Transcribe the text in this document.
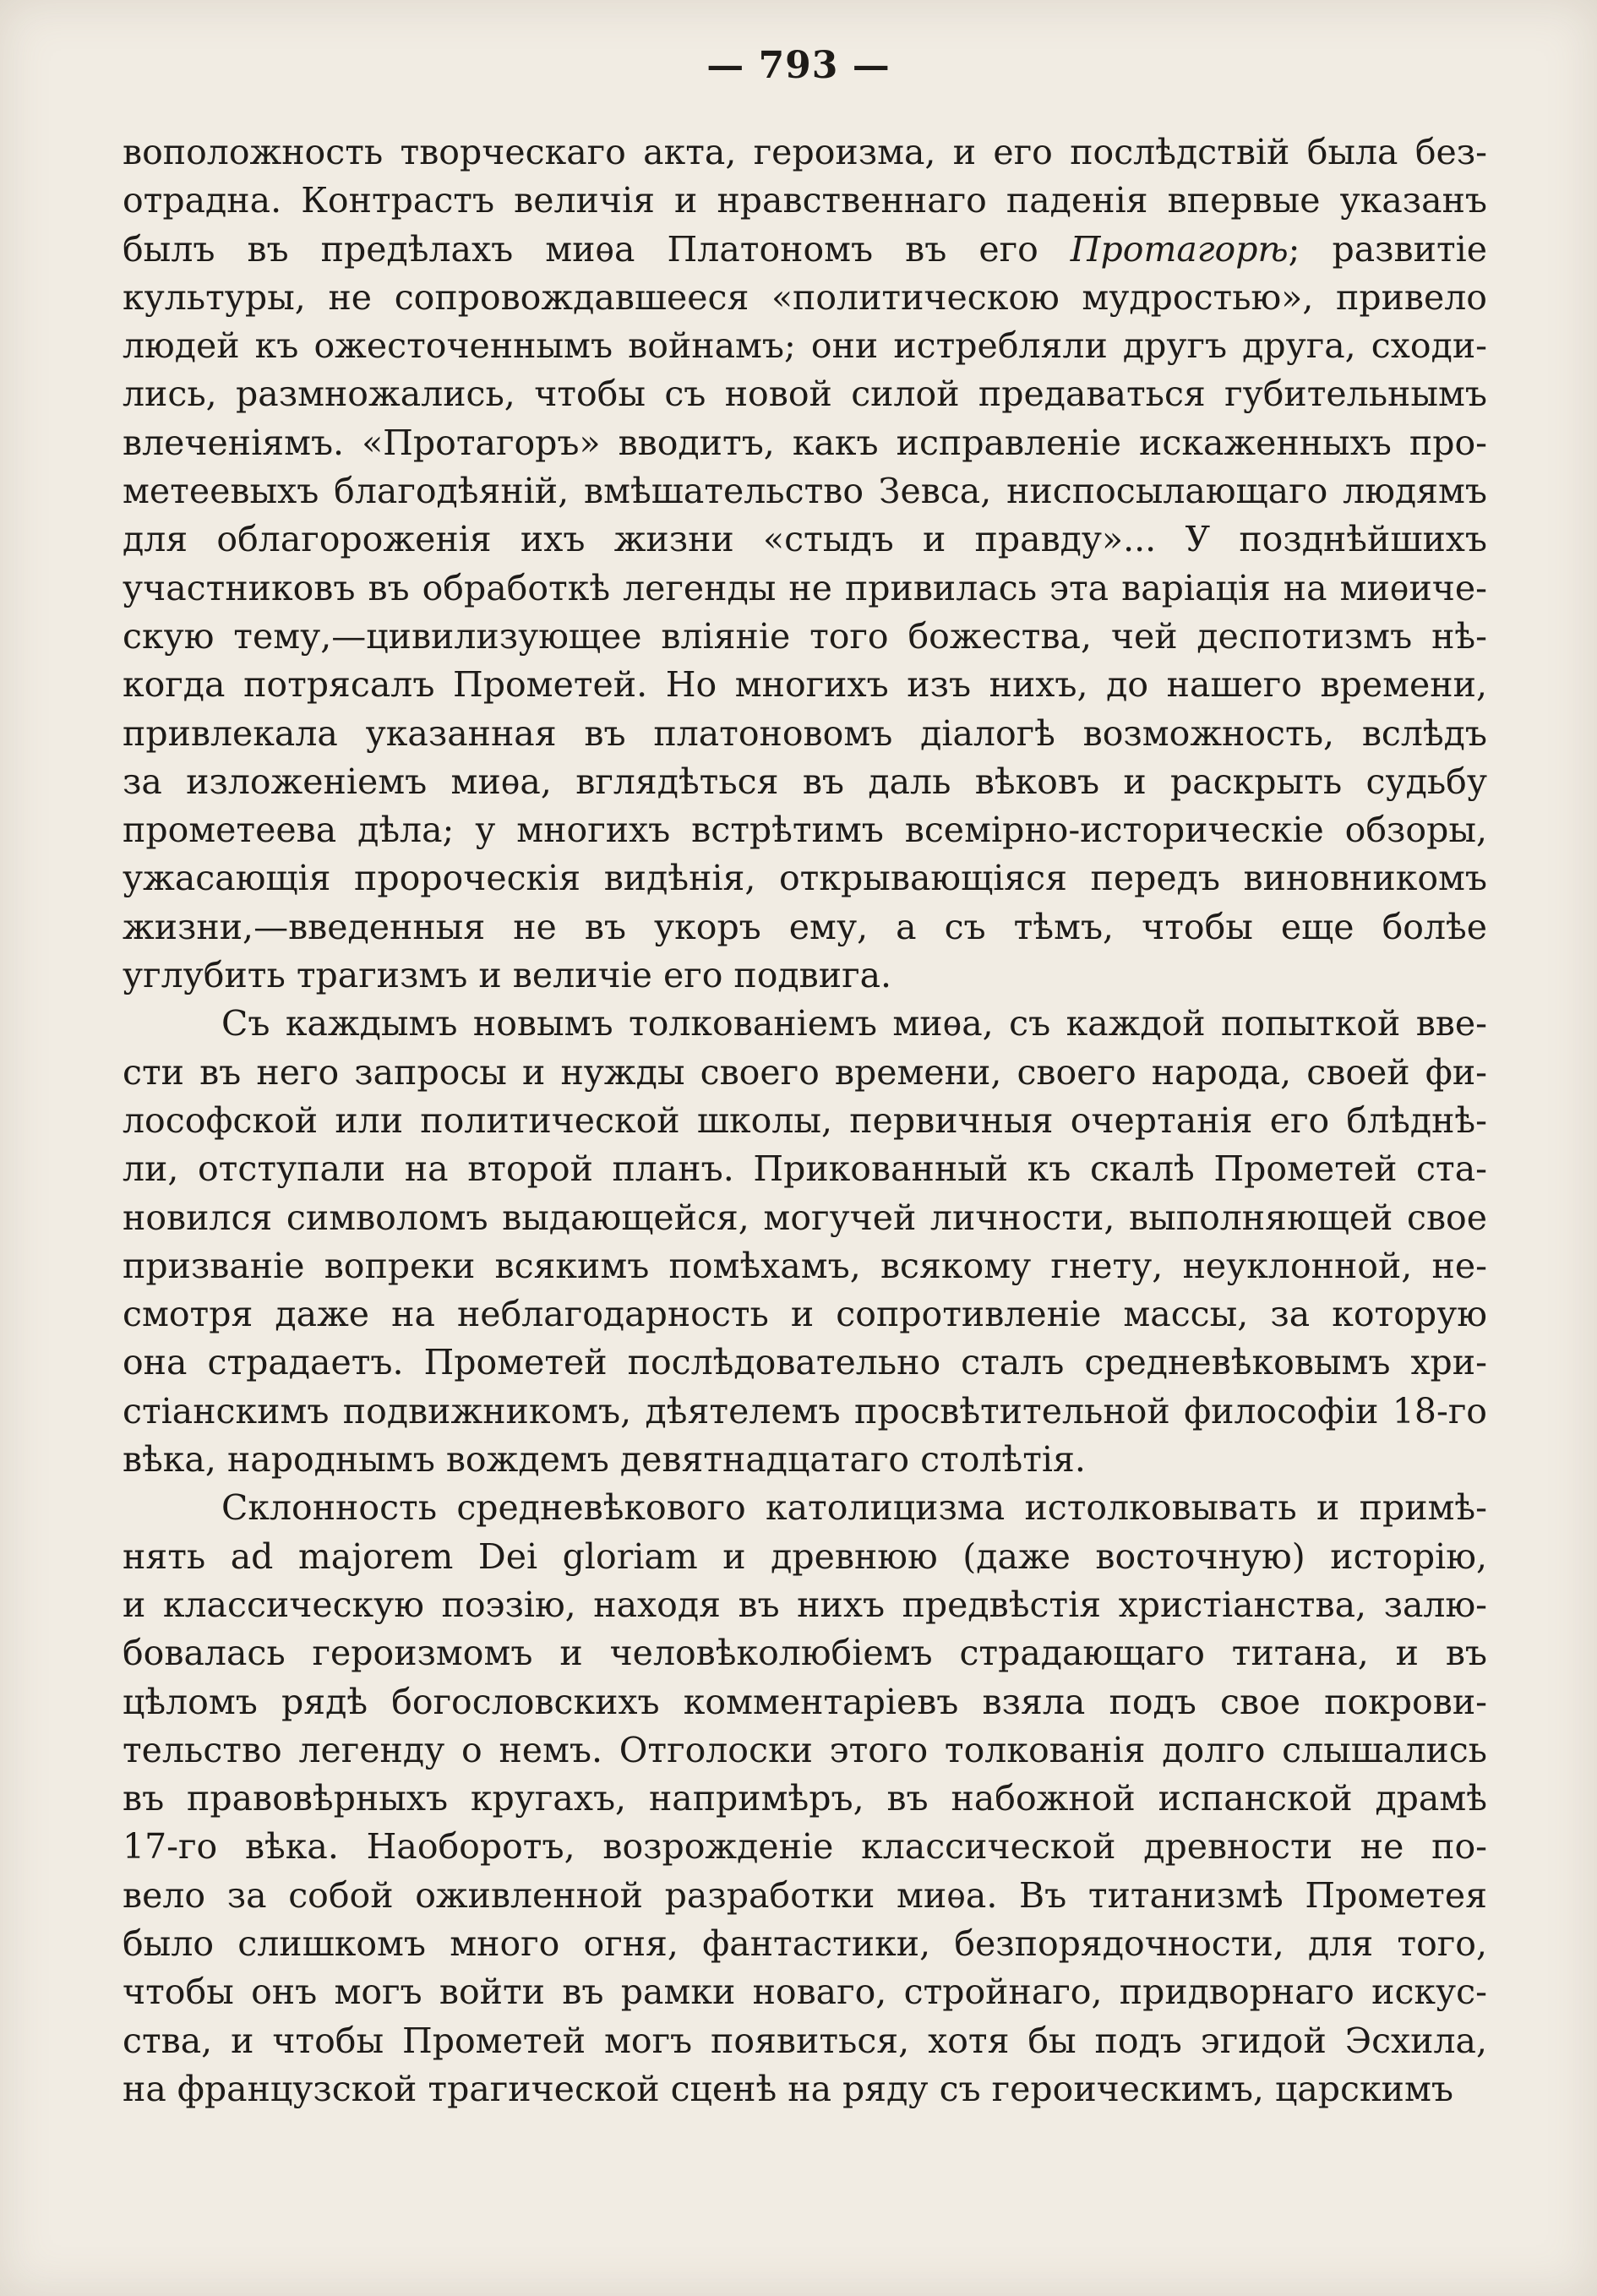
— 793 —
воположность творческаго акта, героизма, и его послѣдствій была без-
отрадна. Контрастъ величія и нравственнаго паденія впервые указанъ
былъ въ предѣлахъ миѳа Платономъ въ его Протагорѣ; развитіе
культуры, не сопровождавшееся «политическою мудростью», привело
людей къ ожесточеннымъ войнамъ; они истребляли другъ друга, сходи-
лись, размножались, чтобы съ новой силой предаваться губительнымъ
влеченіямъ. «Протагоръ» вводитъ, какъ исправленіе искаженныхъ про-
метеевыхъ благодѣяній, вмѣшательство Зевса, ниспосылающаго людямъ
для облагороженія ихъ жизни «стыдъ и правду»... У позднѣйшихъ
участниковъ въ обработкѣ легенды не привилась эта варіація на миѳиче-
скую тему,—цивилизующее вліяніе того божества, чей деспотизмъ нѣ-
когда потрясалъ Прометей. Но многихъ изъ нихъ, до нашего времени,
привлекала указанная въ платоновомъ діалогѣ возможность, вслѣдъ
за изложеніемъ миѳа, вглядѣться въ даль вѣковъ и раскрыть судьбу
прометеева дѣла; у многихъ встрѣтимъ всемірно-историческіе обзоры,
ужасающія пророческія видѣнія, открывающіяся передъ виновникомъ
жизни,—введенныя не въ укоръ ему, а съ тѣмъ, чтобы еще болѣе
углубить трагизмъ и величіе его подвига.
Съ каждымъ новымъ толкованіемъ миѳа, съ каждой попыткой вве-
сти въ него запросы и нужды своего времени, своего народа, своей фи-
лософской или политической школы, первичныя очертанія его блѣднѣ-
ли, отступали на второй планъ. Прикованный къ скалѣ Прометей ста-
новился символомъ выдающейся, могучей личности, выполняющей свое
призваніе вопреки всякимъ помѣхамъ, всякому гнету, неуклонной, не-
смотря даже на неблагодарность и сопротивленіе массы, за которую
она страдаетъ. Прометей послѣдовательно сталъ средневѣковымъ хри-
стіанскимъ подвижникомъ, дѣятелемъ просвѣтительной философіи 18-го
вѣка, народнымъ вождемъ девятнадцатаго столѣтія.
Склонность средневѣкового католицизма истолковывать и примѣ-
нять ad majorem Dei gloriam и древнюю (даже восточную) исторію,
и классическую поэзію, находя въ нихъ предвѣстія христіанства, залю-
бовалась героизмомъ и человѣколюбіемъ страдающаго титана, и въ
цѣломъ рядѣ богословскихъ комментаріевъ взяла подъ свое покрови-
тельство легенду о немъ. Отголоски этого толкованія долго слышались
въ правовѣрныхъ кругахъ, напримѣръ, въ набожной испанской драмѣ
17-го вѣка. Наоборотъ, возрожденіе классической древности не по-
вело за собой оживленной разработки миѳа. Въ титанизмѣ Прометея
было слишкомъ много огня, фантастики, безпорядочности, для того,
чтобы онъ могъ войти въ рамки новаго, стройнаго, придворнаго искус-
ства, и чтобы Прометей могъ появиться, хотя бы подъ эгидой Эсхила,
на французской трагической сценѣ на ряду съ героическимъ, царскимъ
